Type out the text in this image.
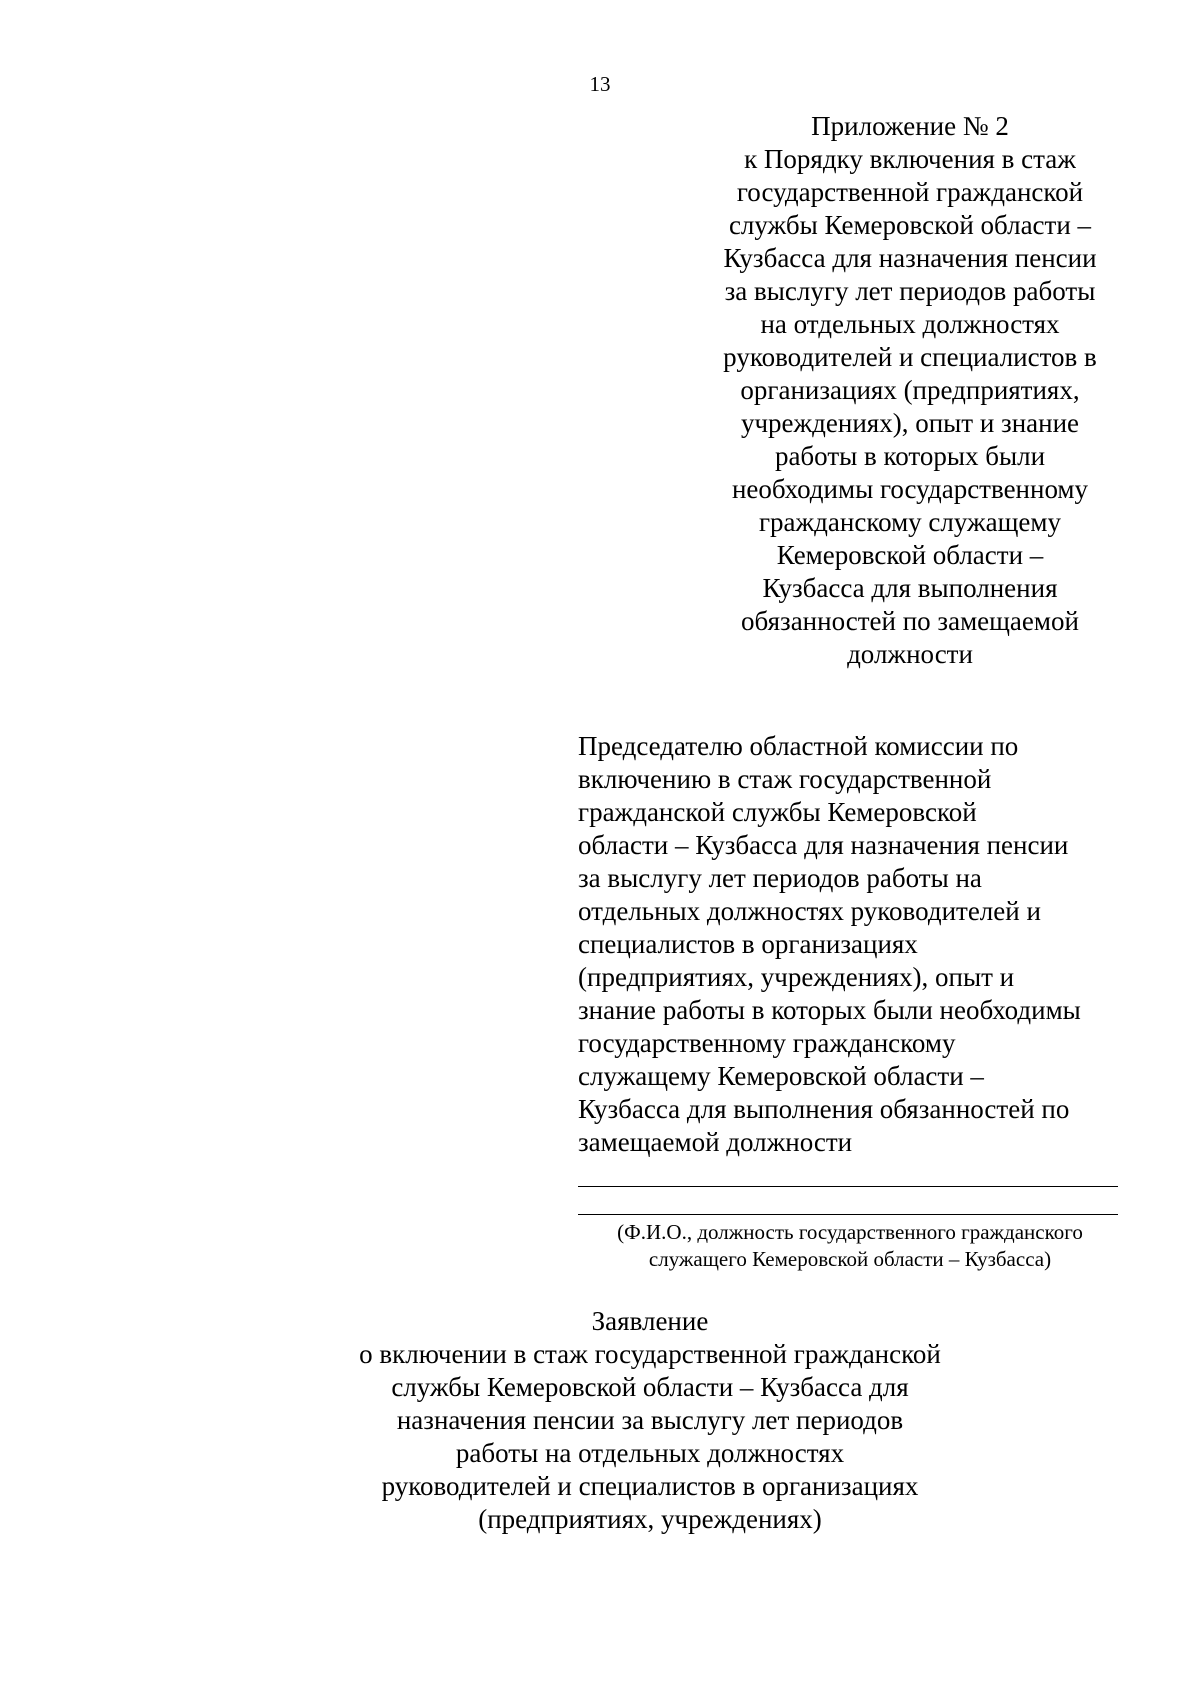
13
Приложение № 2
к Порядку включения в стаж
государственной гражданской
службы Кемеровской области –
Кузбасса для назначения пенсии
за выслугу лет периодов работы
на отдельных должностях
руководителей и специалистов в
организациях (предприятиях,
учреждениях), опыт и знание
работы в которых были
необходимы государственному
гражданскому служащему
Кемеровской области –
Кузбасса для выполнения
обязанностей по замещаемой
должности
Председателю областной комиссии по
включению в стаж государственной
гражданской службы Кемеровской
области – Кузбасса для назначения пенсии
за выслугу лет периодов работы на
отдельных должностях руководителей и
специалистов в организациях
(предприятиях, учреждениях), опыт и
знание работы в которых были необходимы
государственному гражданскому
служащему Кемеровской области –
Кузбасса для выполнения обязанностей по
замещаемой должности
(Ф.И.О., должность государственного гражданского
служащего Кемеровской области – Кузбасса)
Заявление
о включении в стаж государственной гражданской
службы Кемеровской области – Кузбасса для
назначения пенсии за выслугу лет периодов
работы на отдельных должностях
руководителей и специалистов в организациях
(предприятиях, учреждениях)
